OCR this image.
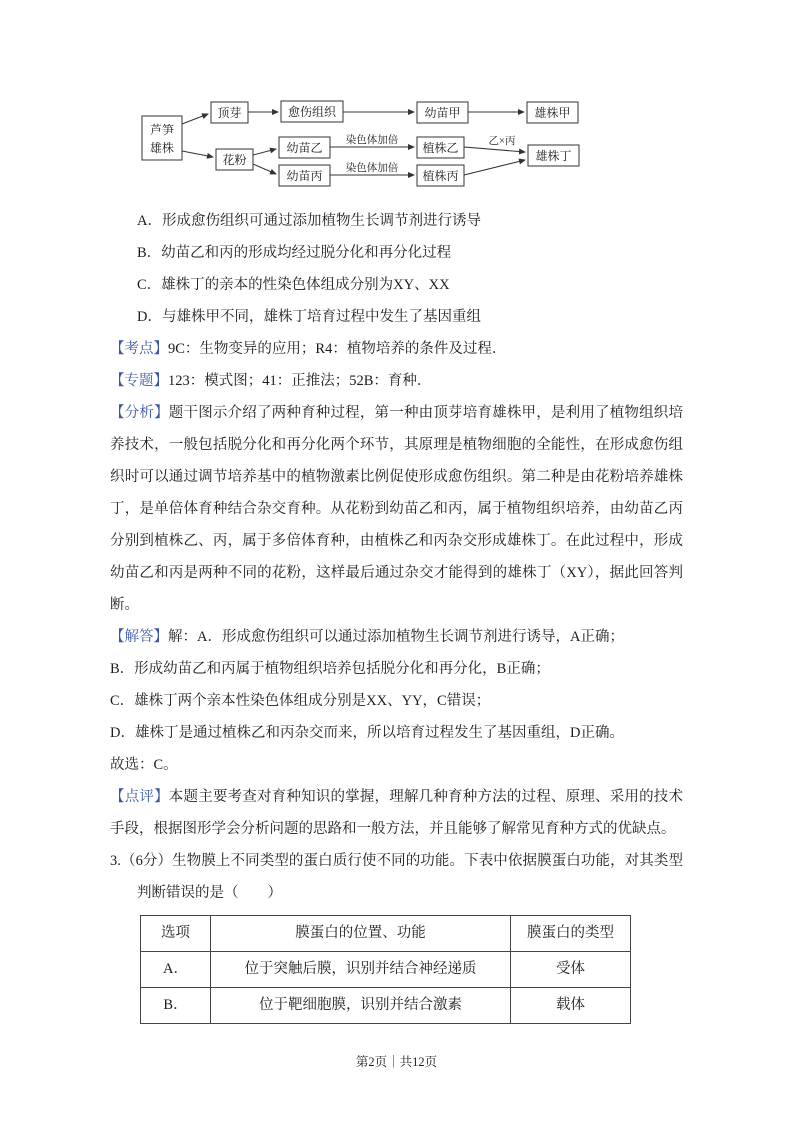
芦笋
雄株
顶芽	愈伤组织	幼苗甲	雄株甲
花粉
幼苗乙	植株乙
雄株丁
幼苗丙	植株丙
染色体加倍
染色体加倍
乙×丙
A．形成愈伤组织可通过添加植物生长调节剂进行诱导
B．幼苗乙和丙的形成均经过脱分化和再分化过程
C．雄株丁的亲本的性染色体组成分别为XY、XX
D．与雄株甲不同，雄株丁培育过程中发生了基因重组
【考点】9C：生物变异的应用；R4：植物培养的条件及过程．
【专题】123：模式图；41：正推法；52B：育种．
【分析】题干图示介绍了两种育种过程，第一种由顶芽培育雄株甲，是利用了植物组织培养技术，一般包括脱分化和再分化两个环节，其原理是植物细胞的全能性，在形成愈伤组织时可以通过调节培养基中的植物激素比例促使形成愈伤组织。第二种是由花粉培养雄株丁，是单倍体育种结合杂交育种。从花粉到幼苗乙和丙，属于植物组织培养，由幼苗乙丙分别到植株乙、丙，属于多倍体育种，由植株乙和丙杂交形成雄株丁。在此过程中，形成幼苗乙和丙是两种不同的花粉，这样最后通过杂交才能得到的雄株丁（XY），据此回答判断。
【解答】解：A．形成愈伤组织可以通过添加植物生长调节剂进行诱导，A正确；
B．形成幼苗乙和丙属于植物组织培养包括脱分化和再分化，B正确；
C．雄株丁两个亲本性染色体组成分别是XX、YY，C错误；
D．雄株丁是通过植株乙和丙杂交而来，所以培育过程发生了基因重组，D正确。
故选：C。
【点评】本题主要考查对育种知识的掌握，理解几种育种方法的过程、原理、采用的技术手段，根据图形学会分析问题的思路和一般方法，并且能够了解常见育种方式的优缺点。
3.（6分）生物膜上不同类型的蛋白质行使不同的功能。下表中依据膜蛋白功能，对其类型判断错误的是（　　）
选项	膜蛋白的位置、功能	膜蛋白的类型
A．	位于突触后膜，识别并结合神经递质	受体
B．	位于靶细胞膜，识别并结合激素	载体
第2页｜共12页
